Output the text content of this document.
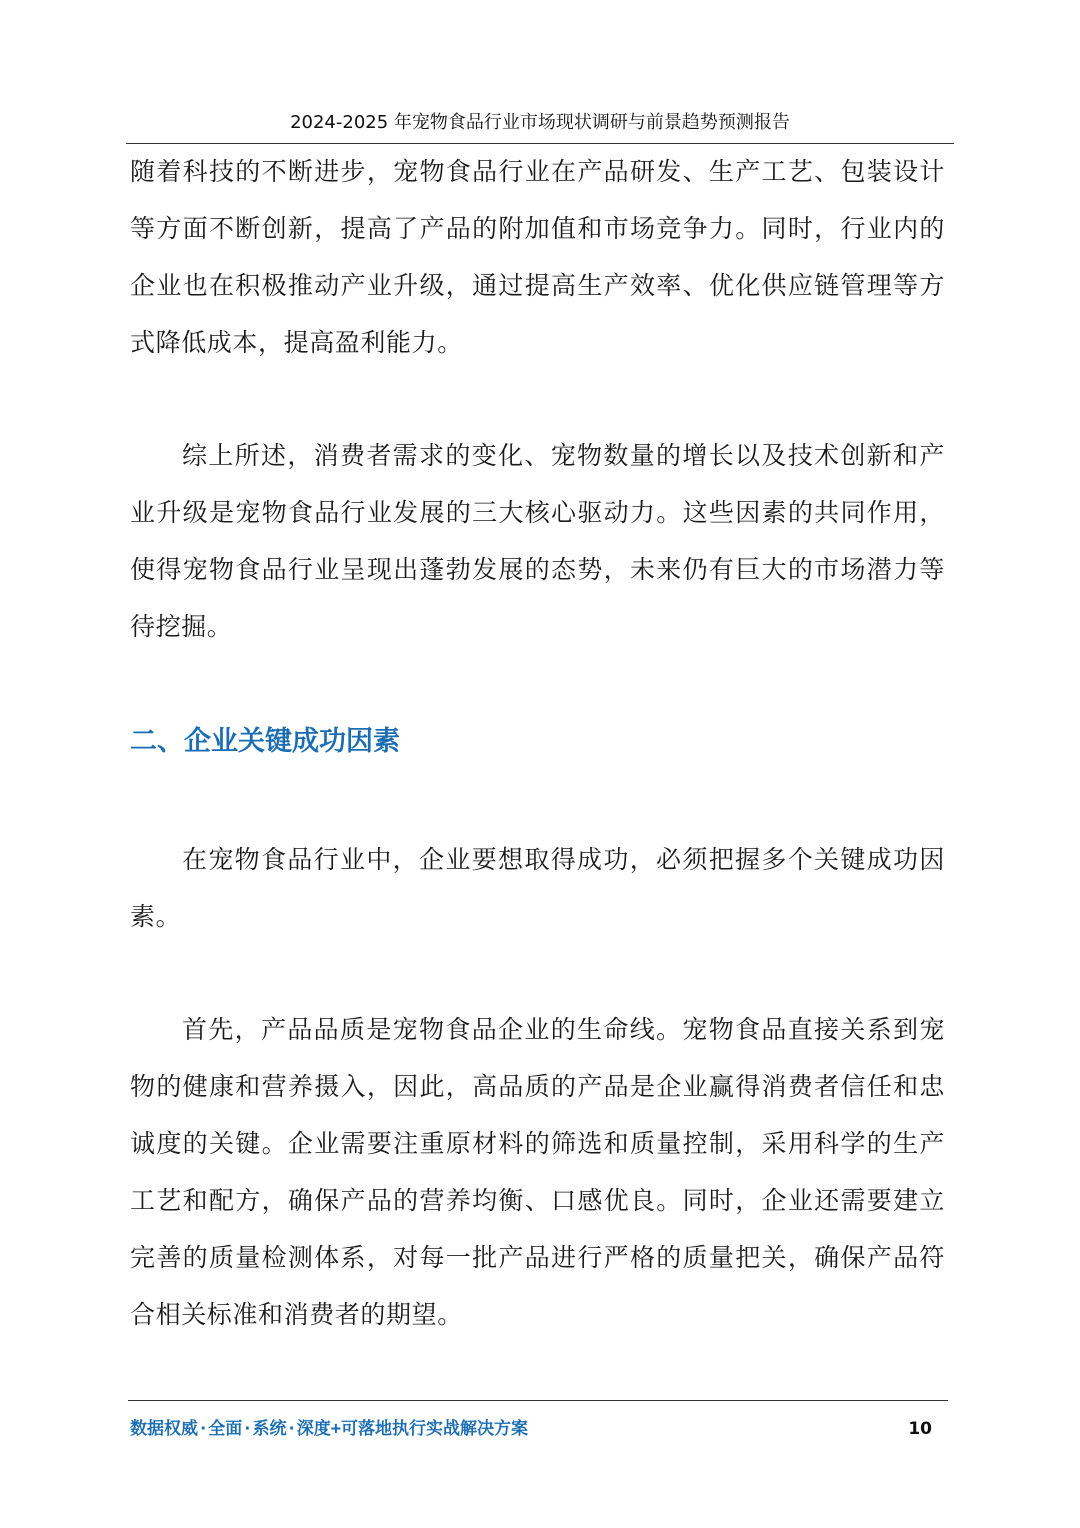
2024-2025 年宠物食品行业市场现状调研与前景趋势预测报告

随着科技的不断进步，宠物食品行业在产品研发、生产工艺、包装设计等方面不断创新，提高了产品的附加值和市场竞争力。同时，行业内的企业也在积极推动产业升级，通过提高生产效率、优化供应链管理等方式降低成本，提高盈利能力。

综上所述，消费者需求的变化、宠物数量的增长以及技术创新和产业升级是宠物食品行业发展的三大核心驱动力。这些因素的共同作用，使得宠物食品行业呈现出蓬勃发展的态势，未来仍有巨大的市场潜力等待挖掘。

二、企业关键成功因素

在宠物食品行业中，企业要想取得成功，必须把握多个关键成功因素。

首先，产品品质是宠物食品企业的生命线。宠物食品直接关系到宠物的健康和营养摄入，因此，高品质的产品是企业赢得消费者信任和忠诚度的关键。企业需要注重原材料的筛选和质量控制，采用科学的生产工艺和配方，确保产品的营养均衡、口感优良。同时，企业还需要建立完善的质量检测体系，对每一批产品进行严格的质量把关，确保产品符合相关标准和消费者的期望。

数据权威·全面·系统·深度+可落地执行实战解决方案	10
